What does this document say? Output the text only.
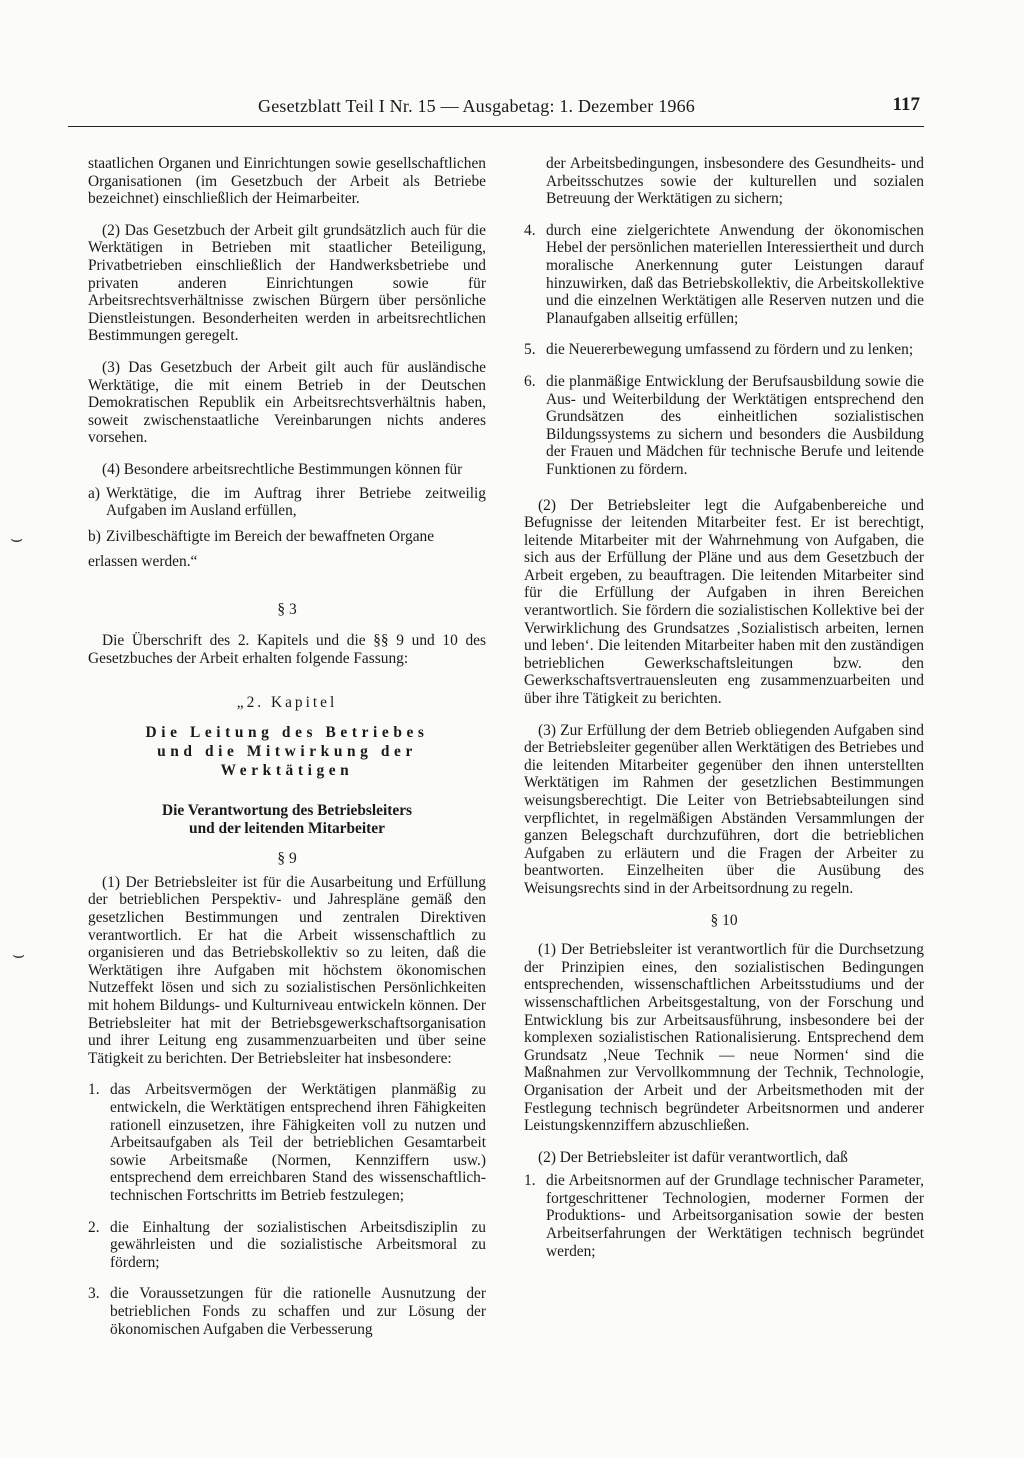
Gesetzblatt Teil I Nr. 15 — Ausgabetag: 1. Dezember 1966	117
⌣
⌣

staatlichen Organen und Einrichtungen sowie gesellschaftlichen Organisationen (im Gesetzbuch der Arbeit als Betriebe bezeichnet) einschließlich der Heimarbeiter.

(2) Das Gesetzbuch der Arbeit gilt grundsätzlich auch für die Werktätigen in Betrieben mit staatlicher Beteiligung, Privatbetrieben einschließlich der Handwerksbetriebe und privaten anderen Einrichtungen sowie für Arbeitsrechtsverhältnisse zwischen Bürgern über persönliche Dienstleistungen. Besonderheiten werden in arbeitsrechtlichen Bestimmungen geregelt.

(3) Das Gesetzbuch der Arbeit gilt auch für ausländische Werktätige, die mit einem Betrieb in der Deutschen Demokratischen Republik ein Arbeitsrechtsverhältnis haben, soweit zwischenstaatliche Vereinbarungen nichts anderes vorsehen.

(4) Besondere arbeitsrechtliche Bestimmungen können für

a) Werktätige, die im Auftrag ihrer Betriebe zeitweilig Aufgaben im Ausland erfüllen,
b) Zivilbeschäftigte im Bereich der bewaffneten Organe

erlassen werden.“

§ 3

Die Überschrift des 2. Kapitels und die §§ 9 und 10 des Gesetzbuches der Arbeit erhalten folgende Fassung:

„2. Kapitel

Die Leitung des Betriebes

und die Mitwirkung der Werktätigen

Die Verantwortung des Betriebsleiters
und der leitenden Mitarbeiter
§ 9

(1) Der Betriebsleiter ist für die Ausarbeitung und Erfüllung der betrieblichen Perspektiv- und Jahrespläne gemäß den gesetzlichen Bestimmungen und zentralen Direktiven verantwortlich. Er hat die Arbeit wissenschaftlich zu organisieren und das Betriebskollektiv so zu leiten, daß die Werktätigen ihre Aufgaben mit höchstem ökonomischen Nutzeffekt lösen und sich zu sozialistischen Persönlichkeiten mit hohem Bildungs- und Kulturniveau entwickeln können. Der Betriebsleiter hat mit der Betriebsgewerkschaftsorganisation und ihrer Leitung eng zusammenzuarbeiten und über seine Tätigkeit zu berichten. Der Betriebsleiter hat insbesondere:

1. das Arbeitsvermögen der Werktätigen planmäßig zu entwickeln, die Werktätigen entsprechend ihren Fähigkeiten rationell einzusetzen, ihre Fähigkeiten voll zu nutzen und Arbeitsaufgaben als Teil der betrieblichen Gesamtarbeit sowie Arbeitsmaße (Normen, Kennziffern usw.) entsprechend dem erreichbaren Stand des wissenschaftlich-technischen Fortschritts im Betrieb festzulegen;
2. die Einhaltung der sozialistischen Arbeitsdisziplin zu gewährleisten und die sozialistische Arbeitsmoral zu fördern;
3. die Voraussetzungen für die rationelle Ausnutzung der betrieblichen Fonds zu schaffen und zur Lösung der ökonomischen Aufgaben die Verbesserung
der Arbeitsbedingungen, insbesondere des Gesundheits- und Arbeitsschutzes sowie der kulturellen und sozialen Betreuung der Werktätigen zu sichern;
4. durch eine zielgerichtete Anwendung der ökonomischen Hebel der persönlichen materiellen Interessiertheit und durch moralische Anerkennung guter Leistungen darauf hinzuwirken, daß das Betriebskollektiv, die Arbeitskollektive und die einzelnen Werktätigen alle Reserven nutzen und die Planaufgaben allseitig erfüllen;
5. die Neuererbewegung umfassend zu fördern und zu lenken;
6. die planmäßige Entwicklung der Berufsausbildung sowie die Aus- und Weiterbildung der Werktätigen entsprechend den Grundsätzen des einheitlichen sozialistischen Bildungssystems zu sichern und besonders die Ausbildung der Frauen und Mädchen für technische Berufe und leitende Funktionen zu fördern.

(2) Der Betriebsleiter legt die Aufgabenbereiche und Befugnisse der leitenden Mitarbeiter fest. Er ist berechtigt, leitende Mitarbeiter mit der Wahrnehmung von Aufgaben, die sich aus der Erfüllung der Pläne und aus dem Gesetzbuch der Arbeit ergeben, zu beauftragen. Die leitenden Mitarbeiter sind für die Erfüllung der Aufgaben in ihren Bereichen verantwortlich. Sie fördern die sozialistischen Kollektive bei der Verwirklichung des Grundsatzes ‚Sozialistisch arbeiten, lernen und leben‘. Die leitenden Mitarbeiter haben mit den zuständigen betrieblichen Gewerkschaftsleitungen bzw. den Gewerkschaftsvertrauensleuten eng zusammenzuarbeiten und über ihre Tätigkeit zu berichten.

(3) Zur Erfüllung der dem Betrieb obliegenden Aufgaben sind der Betriebsleiter gegenüber allen Werktätigen des Betriebes und die leitenden Mitarbeiter gegenüber den ihnen unterstellten Werktätigen im Rahmen der gesetzlichen Bestimmungen weisungsberechtigt. Die Leiter von Betriebsabteilungen sind verpflichtet, in regelmäßigen Abständen Versammlungen der ganzen Belegschaft durchzuführen, dort die betrieblichen Aufgaben zu erläutern und die Fragen der Arbeiter zu beantworten. Einzelheiten über die Ausübung des Weisungsrechts sind in der Arbeitsordnung zu regeln.

§ 10

(1) Der Betriebsleiter ist verantwortlich für die Durchsetzung der Prinzipien eines, den sozialistischen Bedingungen entsprechenden, wissenschaftlichen Arbeitsstudiums und der wissenschaftlichen Arbeitsgestaltung, von der Forschung und Entwicklung bis zur Arbeitsausführung, insbesondere bei der komplexen sozialistischen Rationalisierung. Entsprechend dem Grundsatz ‚Neue Technik — neue Normen‘ sind die Maßnahmen zur Vervollkommnung der Technik, Technologie, Organisation der Arbeit und der Arbeitsmethoden mit der Festlegung technisch begründeter Arbeitsnormen und anderer Leistungskennziffern abzuschließen.

(2) Der Betriebsleiter ist dafür verantwortlich, daß

1. die Arbeitsnormen auf der Grundlage technischer Parameter, fortgeschrittener Technologien, moderner Formen der Produktions- und Arbeitsorganisation sowie der besten Arbeitserfahrungen der Werktätigen technisch begründet werden;
